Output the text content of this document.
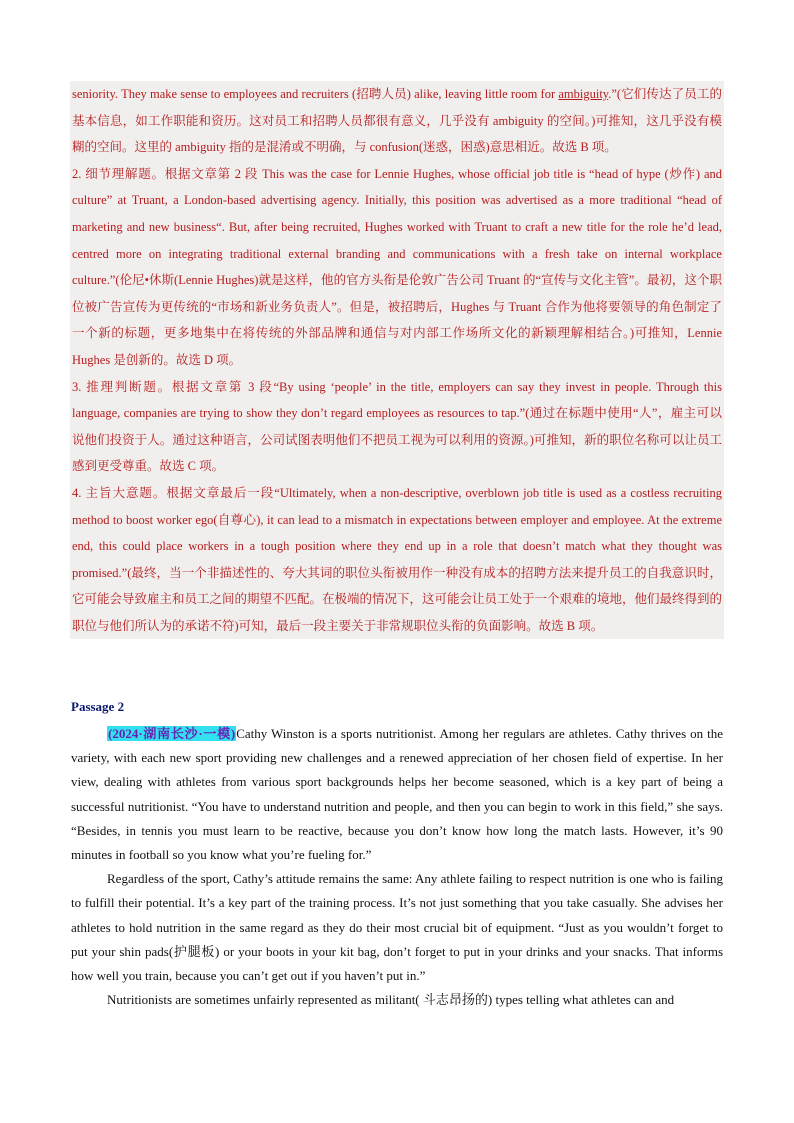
seniority. They make sense to employees and recruiters (招聘人员) alike, leaving little room for ambiguity.”(它们传达了员工的基本信息，如工作职能和资历。这对员工和招聘人员都很有意义，几乎没有 ambiguity 的空间。)可推知，这几乎没有模糊的空间。这里的 ambiguity 指的是混淆或不明确，与 confusion(迷惑，困惑)意思相近。故选 B 项。

2. 细节理解题。根据文章第 2 段 This was the case for Lennie Hughes, whose official job title is “head of hype (炒作) and culture” at Truant, a London-based advertising agency. Initially, this position was advertised as a more traditional “head of marketing and new business“. But, after being recruited, Hughes worked with Truant to craft a new title for the role he’d lead, centred more on integrating traditional external branding and communications with a fresh take on internal workplace culture.”(伦尼•休斯(Lennie Hughes)就是这样，他的官方头衔是伦敦广告公司 Truant 的“宣传与文化主管”。最初，这个职位被广告宣传为更传统的“市场和新业务负责人”。但是，被招聘后，Hughes 与 Truant 合作为他将要领导的角色制定了一个新的标题，更多地集中在将传统的外部品牌和通信与对内部工作场所文化的新颖理解相结合。)可推知，Lennie Hughes 是创新的。故选 D 项。

3. 推理判断题。根据文章第 3 段“By using ‘people’ in the title, employers can say they invest in people. Through this language, companies are trying to show they don’t regard employees as resources to tap.”(通过在标题中使用“人”，雇主可以说他们投资于人。通过这种语言，公司试图表明他们不把员工视为可以利用的资源。)可推知，新的职位名称可以让员工感到更受尊重。故选 C 项。

4. 主旨大意题。根据文章最后一段“Ultimately, when a non-descriptive, overblown job title is used as a costless recruiting method to boost worker ego(自尊心), it can lead to a mismatch in expectations between employer and employee. At the extreme end, this could place workers in a tough position where they end up in a role that doesn’t match what they thought was promised.”(最终，当一个非描述性的、夸大其词的职位头衔被用作一种没有成本的招聘方法来提升员工的自我意识时，它可能会导致雇主和员工之间的期望不匹配。在极端的情况下，这可能会让员工处于一个艰难的境地，他们最终得到的职位与他们所认为的承诺不符)可知，最后一段主要关于非常规职位头衔的负面影响。故选 B 项。

Passage 2

(2024·湖南长沙·一模)Cathy Winston is a sports nutritionist. Among her regulars are athletes. Cathy thrives on the variety, with each new sport providing new challenges and a renewed appreciation of her chosen field of expertise. In her view, dealing with athletes from various sport backgrounds helps her become seasoned, which is a key part of being a successful nutritionist. “You have to understand nutrition and people, and then you can begin to work in this field,” she says. “Besides, in tennis you must learn to be reactive, because you don’t know how long the match lasts. However, it’s 90 minutes in football so you know what you’re fueling for.”

Regardless of the sport, Cathy’s attitude remains the same: Any athlete failing to respect nutrition is one who is failing to fulfill their potential. It’s a key part of the training process. It’s not just something that you take casually. She advises her athletes to hold nutrition in the same regard as they do their most crucial bit of equipment. “Just as you wouldn’t forget to put your shin pads(护腿板) or your boots in your kit bag, don’t forget to put in your drinks and your snacks. That informs how well you train, because you can’t get out if you haven’t put in.”

Nutritionists are sometimes unfairly represented as militant( 斗志昂扬的) types telling what athletes can and
